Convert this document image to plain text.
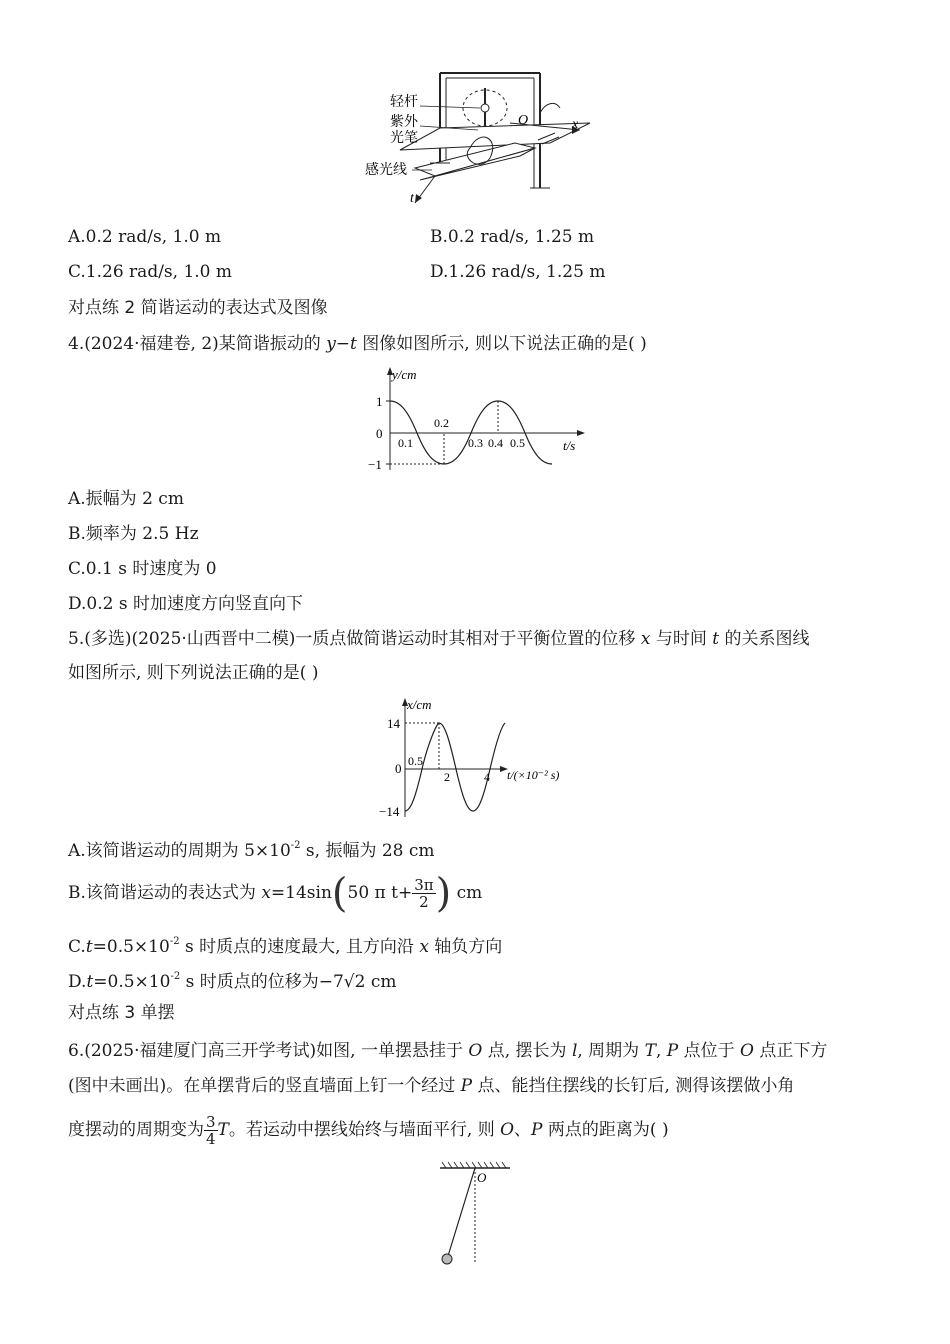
轻杆
紫外
光笔
感光线
O	x
t
A.0.2 rad/s, 1.0 m	B.0.2 rad/s, 1.25 m
C.1.26 rad/s, 1.0 m	D.1.26 rad/s, 1.25 m
对点练 2 简谐运动的表达式及图像
4.(2024·福建卷, 2)某简谐振动的 y−t 图像如图所示, 则以下说法正确的是( )
y/cm
t/s
1
0
−1
0.1
0.2
0.3 0.4 0.5
A.振幅为 2 cm
B.频率为 2.5 Hz
C.0.1 s 时速度为 0
D.0.2 s 时加速度方向竖直向下
5.(多选)(2025·山西晋中二模)一质点做简谐运动时其相对于平衡位置的位移 x 与时间 t 的关系图线
如图所示, 则下列说法正确的是( )
x/cm
t/(×10⁻² s)
14
0
−14
0.5
2	4
A.该简谐运动的周期为 $5\times 10^{-2}$ s, 振幅为 28 cm
B.该简谐运动的表达式为 x=14sin(50 π $t+ \frac{3\pi}{2}$ ) cm
$C.t=0.5\times 10^{-2}$ s 时质点的速度最大, 且方向沿 x 轴负方向
$D.t=0.5\times 10^{-2}$ s 时质点的位移为−7√2 cm
对点练 3 单摆
6.(2025·福建厦门高三开学考试)如图, 一单摆悬挂于 O 点, 摆长为 l, 周期为 T, P 点位于 O 点正下方
(图中未画出)。在单摆背后的竖直墙面上钉一个经过 P 点、能挡住摆线的长钉后, 测得该摆做小角
度摆动的周期变为 $\frac{3}{4}$ T。若运动中摆线始终与墙面平行, 则 O、P 两点的距离为( )
O
